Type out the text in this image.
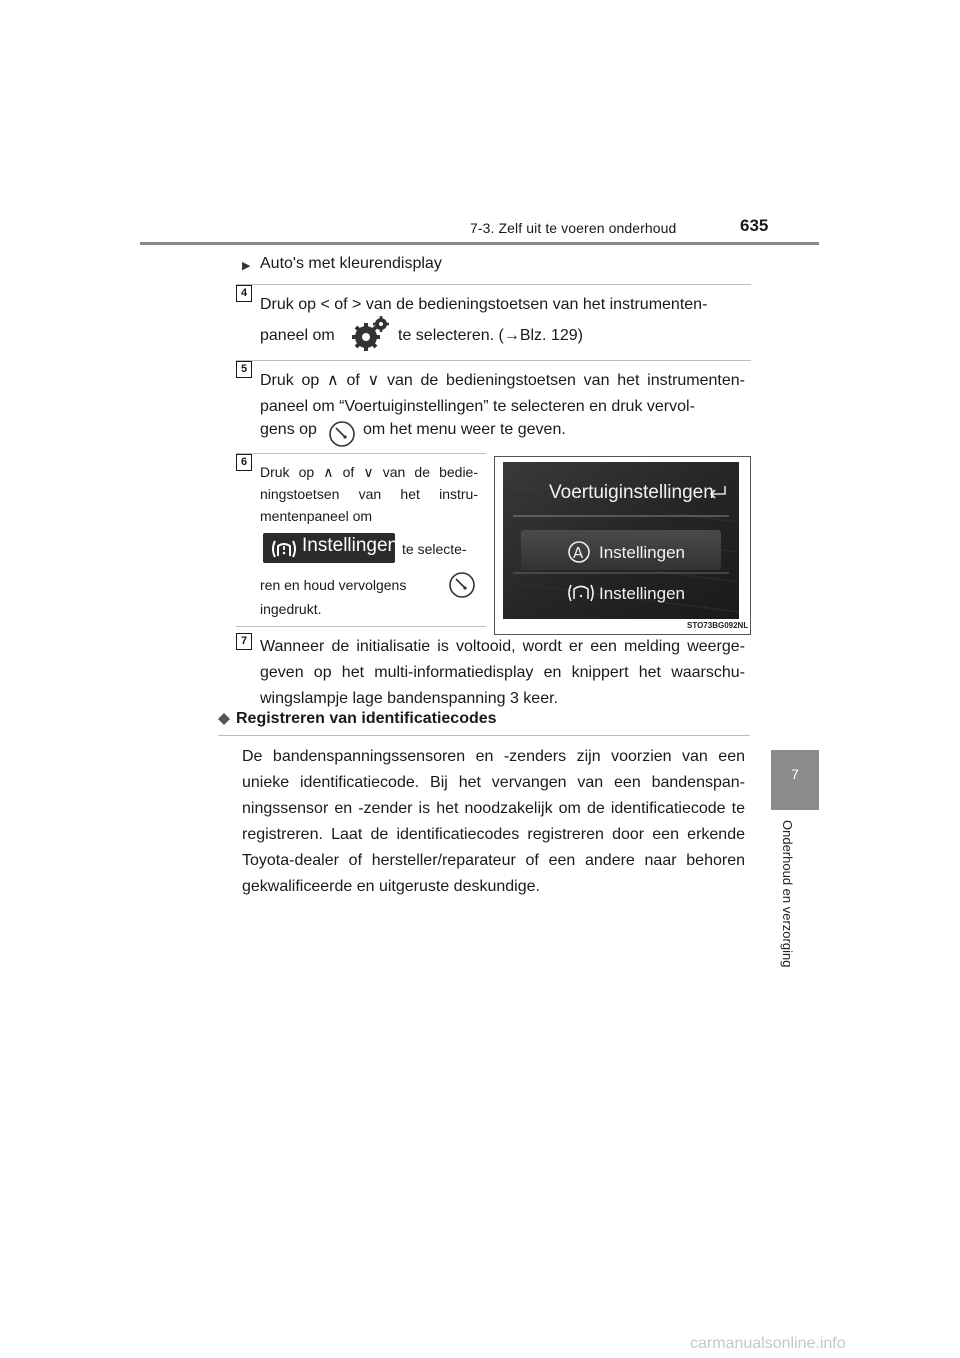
7-3. Zelf uit te voeren onderhoud	635
7
Onderhoud en verzorging
▶ Auto's met kleurendisplay
4
Druk op < of > van de bedieningstoetsen van het instrumenten-
paneel om	te selecteren. (→Blz. 129)
5
Druk op ∧ of ∨ van de bedieningstoetsen van het instrumenten-paneel om “Voertuiginstellingen” te selecteren en druk vervol-
gens op	om het menu weer te geven.
6
Druk op ∧ of ∨ van de bedie-ningstoetsen van het instru-mentenpaneel om
Instellingen te selecte-
ren en houd vervolgens
ingedrukt.
A
Voertuiginstellingen
Instellingen
Instellingen
STO73BG092NL
7 Wanneer de initialisatie is voltooid, wordt er een melding weerge-geven op het multi-informatiedisplay en knippert het waarschu-wingslampje lage bandenspanning 3 keer.
Registreren van identificatiecodes
De bandenspanningssensoren en -zenders zijn voorzien van een unieke identificatiecode. Bij het vervangen van een bandenspan-ningssensor en -zender is het noodzakelijk om de identificatiecode te registreren. Laat de identificatiecodes registreren door een erkende Toyota-dealer of hersteller/reparateur of een andere naar behoren gekwalificeerde en uitgeruste deskundige.
carmanualsonline.info
